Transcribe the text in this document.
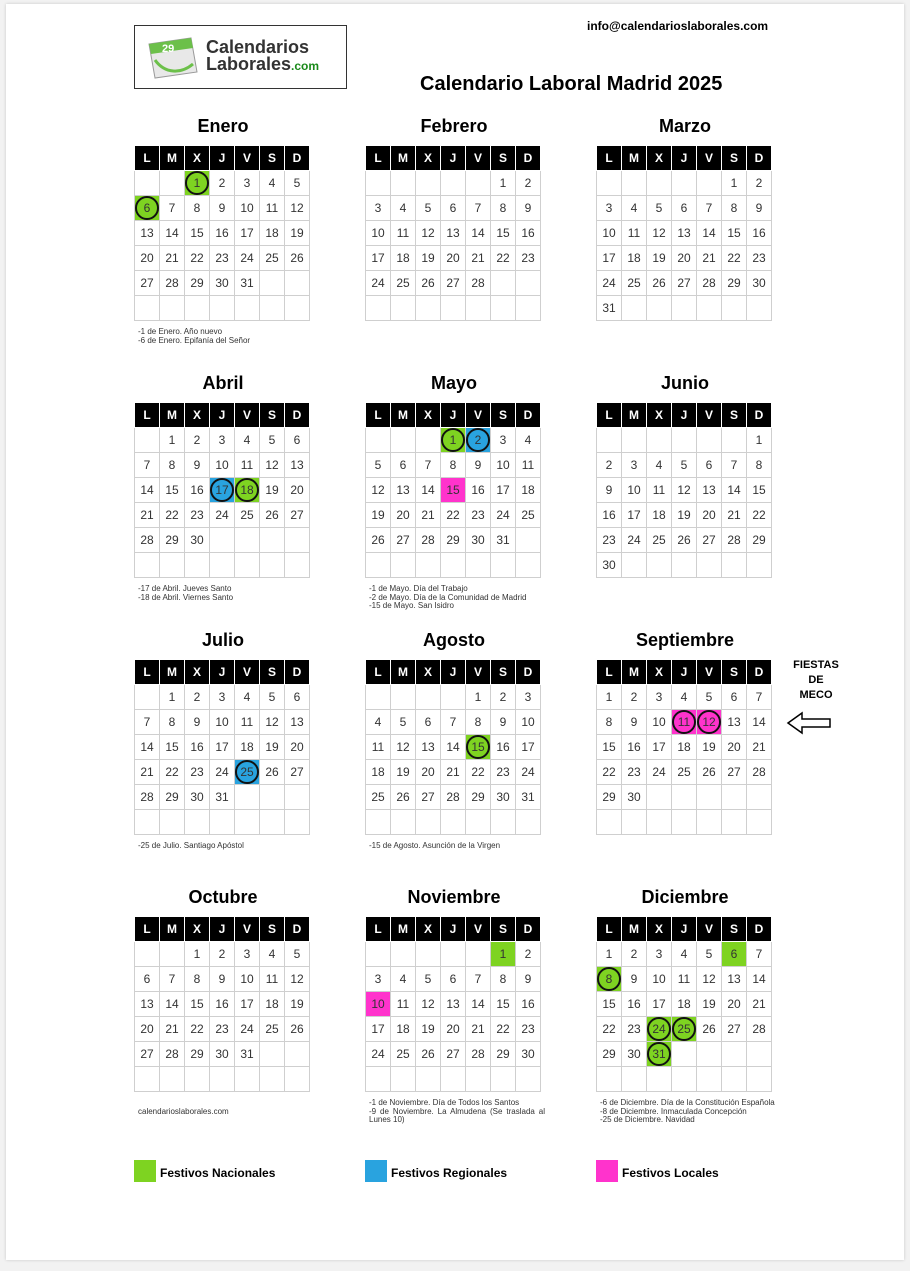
29 Calendarios
Laborales.com
info@calendarioslaborales.com
Calendario Laboral Madrid 2025
Enero
L	M	X	J	V	S	D
		1	2	3	4	5
6	7	8	9	10	11	12
13	14	15	16	17	18	19
20	21	22	23	24	25	26
27	28	29	30	31		

-1 de Enero. Año nuevo

-6 de Enero. Epifanía del Señor

Febrero
L	M	X	J	V	S	D
					1	2
3	4	5	6	7	8	9
10	11	12	13	14	15	16
17	18	19	20	21	22	23
24	25	26	27	28		

Marzo
L	M	X	J	V	S	D
					1	2
3	4	5	6	7	8	9
10	11	12	13	14	15	16
17	18	19	20	21	22	23
24	25	26	27	28	29	30
31						
Abril
L	M	X	J	V	S	D
	1	2	3	4	5	6
7	8	9	10	11	12	13
14	15	16	17	18	19	20
21	22	23	24	25	26	27
28	29	30				

-17 de Abril. Jueves Santo

-18 de Abril. Viernes Santo

Mayo
L	M	X	J	V	S	D
			1	2	3	4
5	6	7	8	9	10	11
12	13	14	15	16	17	18
19	20	21	22	23	24	25
26	27	28	29	30	31	

-1 de Mayo. Día del Trabajo

-2 de Mayo. Día de la Comunidad de Madrid

-15 de Mayo. San Isidro

Junio
L	M	X	J	V	S	D
						1
2	3	4	5	6	7	8
9	10	11	12	13	14	15
16	17	18	19	20	21	22
23	24	25	26	27	28	29
30						
Julio
L	M	X	J	V	S	D
	1	2	3	4	5	6
7	8	9	10	11	12	13
14	15	16	17	18	19	20
21	22	23	24	25	26	27
28	29	30	31			

-25 de Julio. Santiago Apóstol

Agosto
L	M	X	J	V	S	D
				1	2	3
4	5	6	7	8	9	10
11	12	13	14	15	16	17
18	19	20	21	22	23	24
25	26	27	28	29	30	31

-15 de Agosto. Asunción de la Virgen

Septiembre
L	M	X	J	V	S	D
1	2	3	4	5	6	7
8	9	10	11	12	13	14
15	16	17	18	19	20	21
22	23	24	25	26	27	28
29	30					

Octubre
L	M	X	J	V	S	D
		1	2	3	4	5
6	7	8	9	10	11	12
13	14	15	16	17	18	19
20	21	22	23	24	25	26
27	28	29	30	31		

Noviembre
L	M	X	J	V	S	D
					1	2
3	4	5	6	7	8	9
10	11	12	13	14	15	16
17	18	19	20	21	22	23
24	25	26	27	28	29	30

-1 de Noviembre. Día de Todos los Santos

-9 de Noviembre. La Almudena (Se traslada al Lunes 10)

Diciembre
L	M	X	J	V	S	D
1	2	3	4	5	6	7
8	9	10	11	12	13	14
15	16	17	18	19	20	21
22	23	24	25	26	27	28
29	30	31				

-6 de Diciembre. Día de la Constitución Española

-8 de Diciembre. Inmaculada Concepción

-25 de Diciembre. Navidad

FIESTAS
DE
MECO
calendarioslaborales.com
Festivos Nacionales	Festivos Regionales	Festivos Locales
